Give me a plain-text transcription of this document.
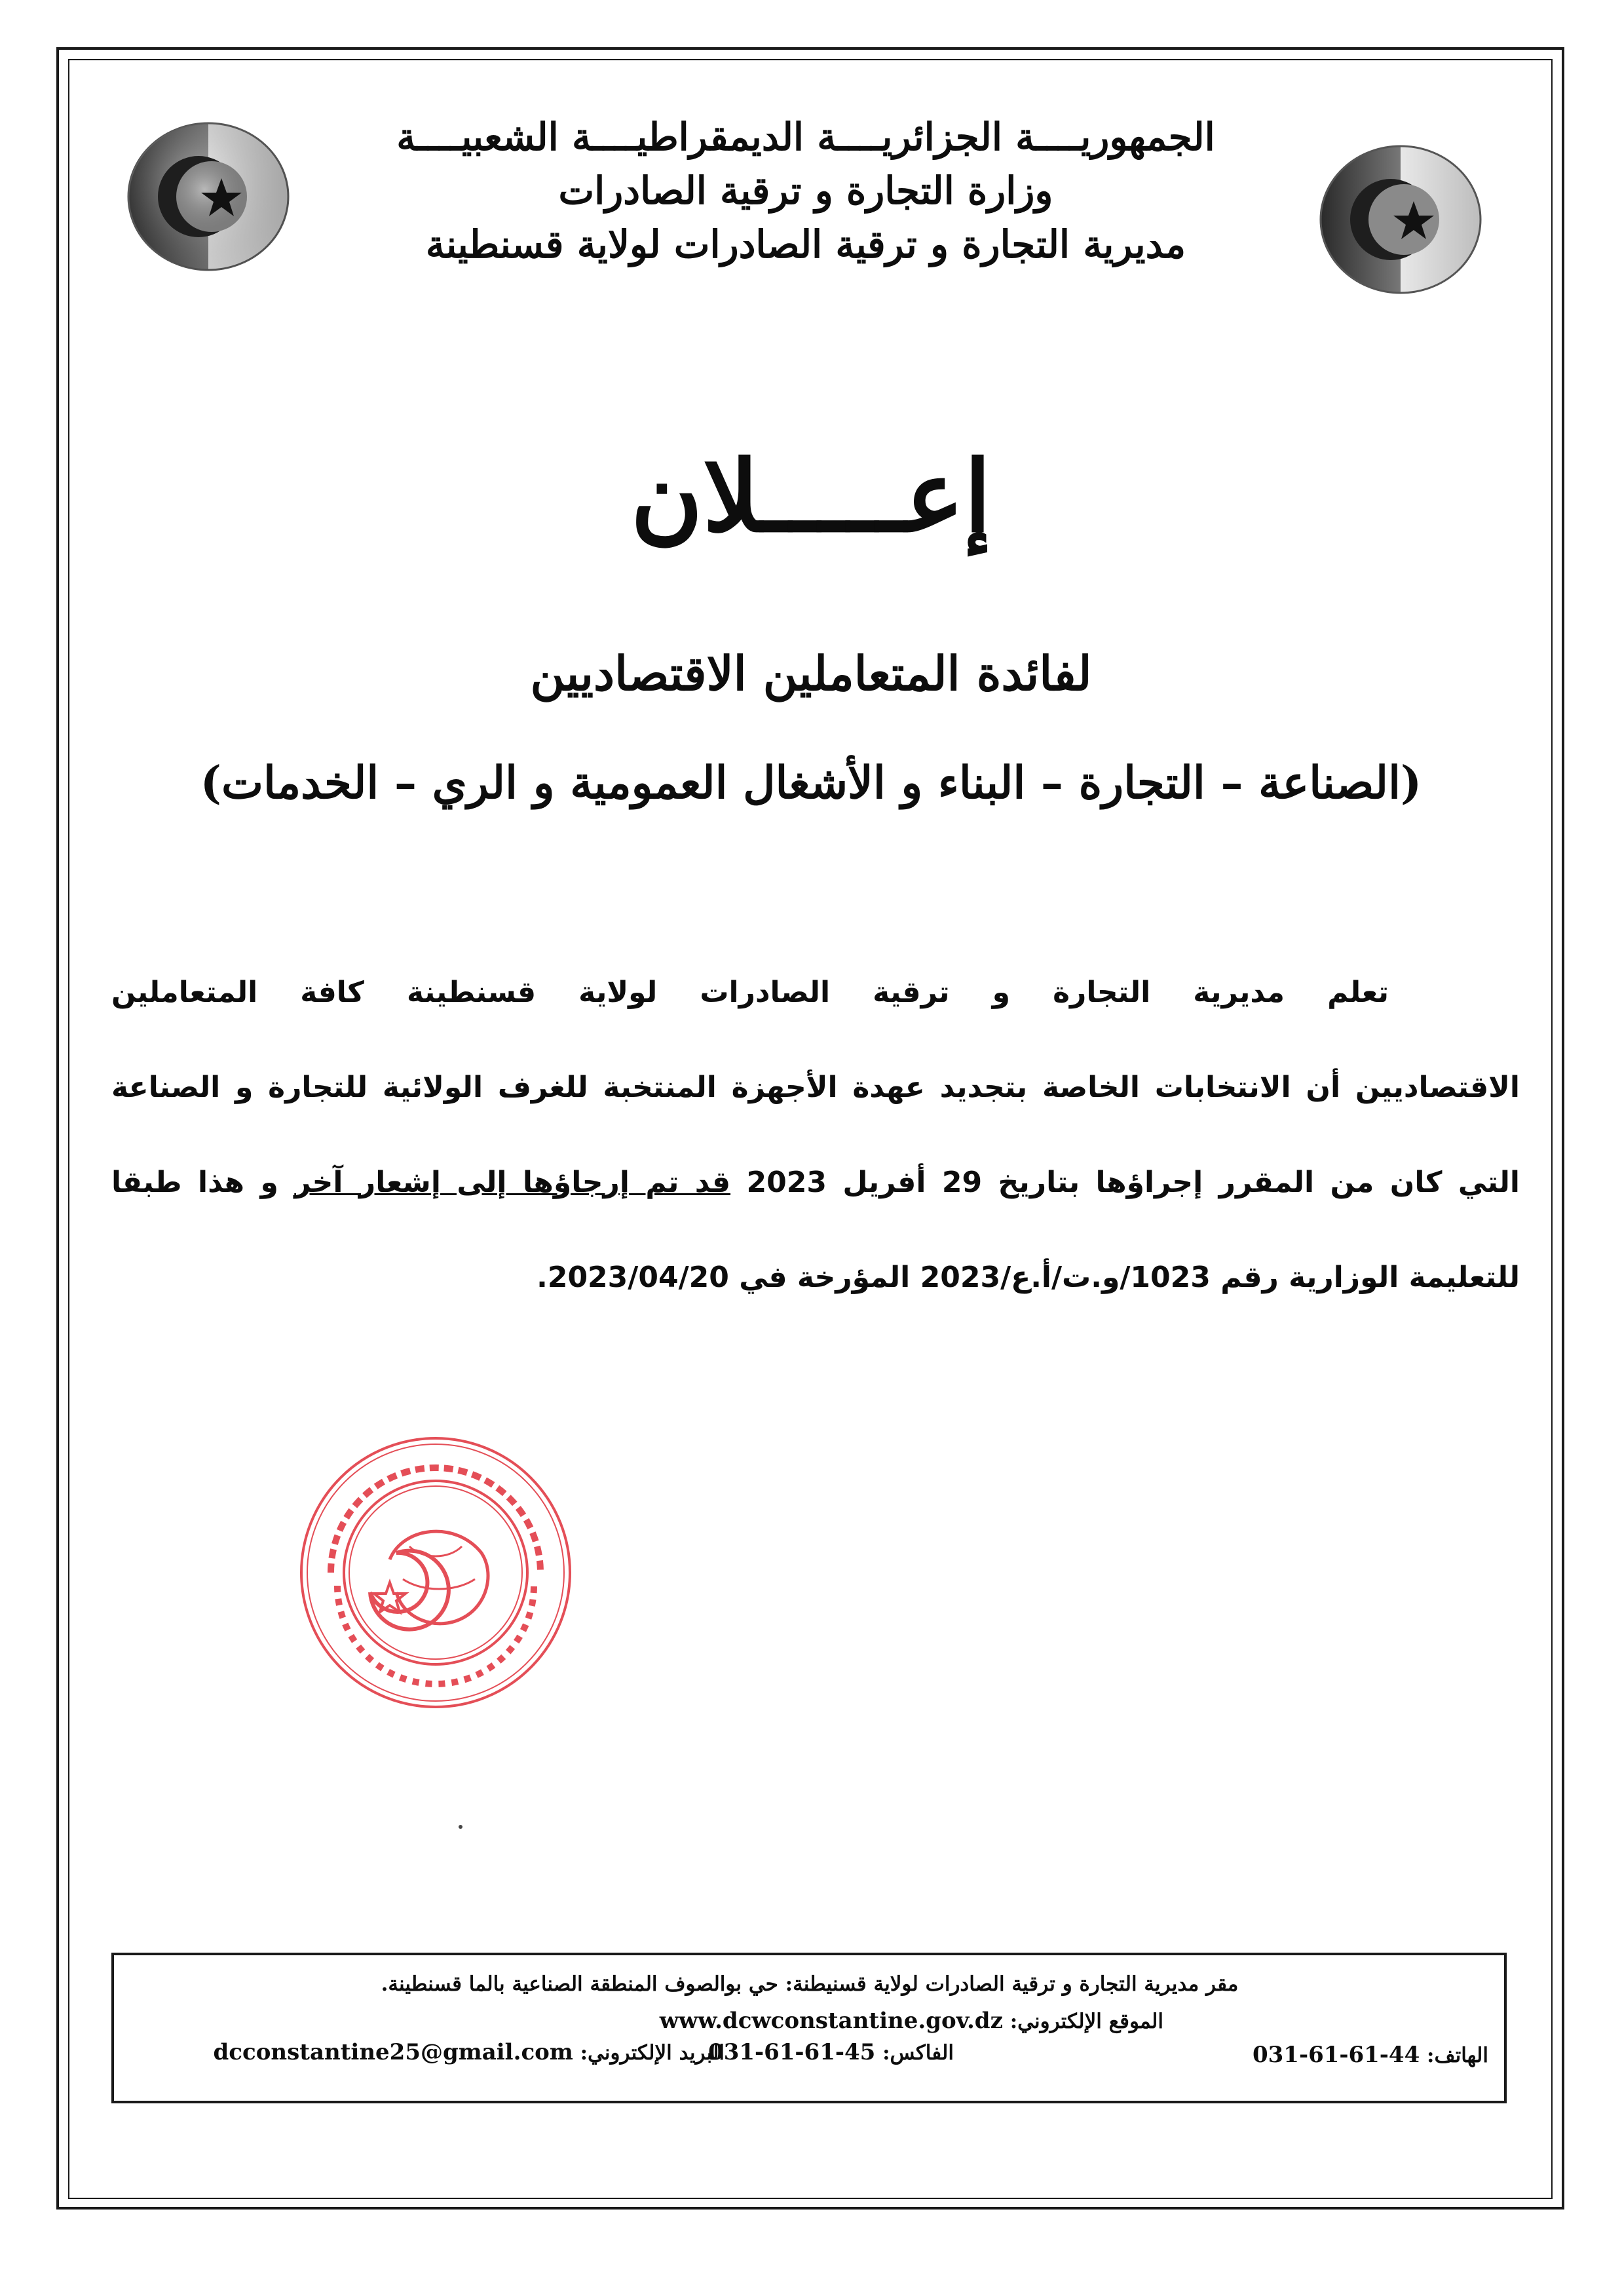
الجمهوريــــة الجزائريــــة الديمقراطيــــة الشعبيــــة
وزارة التجارة و ترقية الصادرات
مديرية التجارة و ترقية الصادرات لولاية قسنطينة
إعـــــلان
لفائدة المتعاملين الاقتصاديين
(الصناعة – التجارة – البناء و الأشغال العمومية و الري – الخدمات)
تعلم مديرية التجارة و ترقية الصادرات لولاية قسنطينة كافة المتعاملين
الاقتصاديين أن الانتخابات الخاصة بتجديد عهدة الأجهزة المنتخبة للغرف الولائية للتجارة و الصناعة
التي كان من المقرر إجراؤها بتاريخ 29 أفريل 2023 قد تم إرجاؤها إلى إشعار آخر و هذا طبقا
للتعليمة الوزارية رقم 1023/و.ت/أ.ع/2023 المؤرخة في 2023/04/20.
مقر مديرية التجارة و ترقية الصادرات لولاية قسنيطنة: حي بوالصوف المنطقة الصناعية بالما قسنطينة.
الموقع الإلكتروني: www.dcwconstantine.gov.dz
الهاتف: 031-61-61-44
الفاكس: 031-61-61-45
البريد الإلكتروني: dcconstantine25@gmail.com
